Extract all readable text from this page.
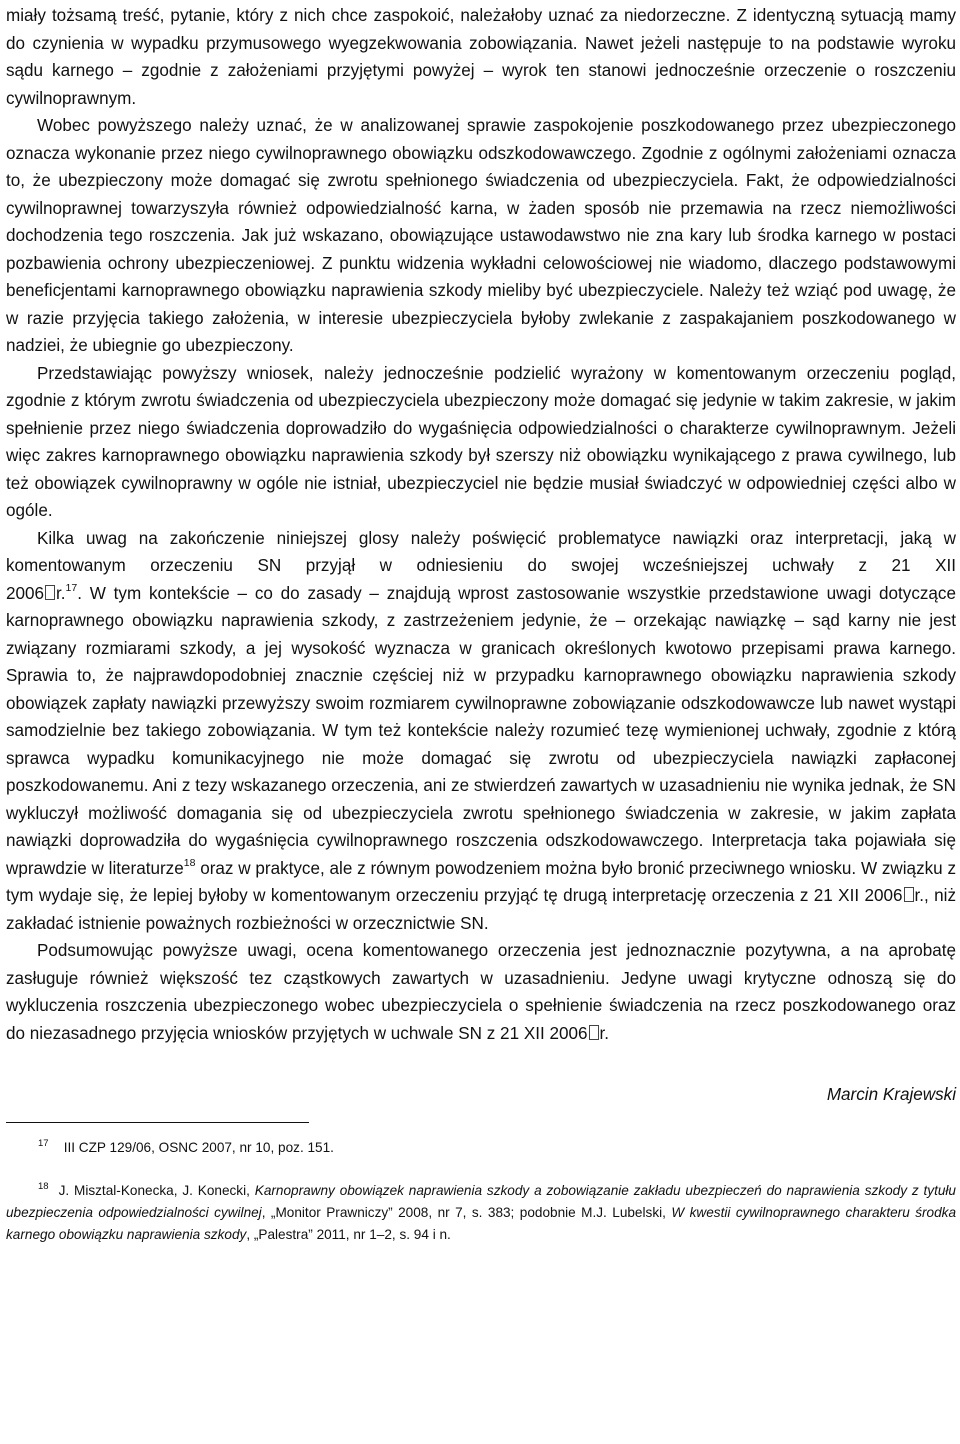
miały tożsamą treść, pytanie, który z nich chce zaspokoić, należałoby uznać za niedorzeczne. Z identyczną sytuacją mamy do czynienia w wypadku przymusowego wyegzekwowania zobowiązania. Nawet jeżeli następuje to na podstawie wyroku sądu karnego – zgodnie z założeniami przyjętymi powyżej – wyrok ten stanowi jednocześnie orzeczenie o roszczeniu cywilnoprawnym.

Wobec powyższego należy uznać, że w analizowanej sprawie zaspokojenie poszkodowanego przez ubezpieczonego oznacza wykonanie przez niego cywilnoprawnego obowiązku odszkodowawczego. Zgodnie z ogólnymi założeniami oznacza to, że ubezpieczony może domagać się zwrotu spełnionego świadczenia od ubezpieczyciela. Fakt, że odpowiedzialności cywilnoprawnej towarzyszyła również odpowiedzialność karna, w żaden sposób nie przemawia na rzecz niemożliwości dochodzenia tego roszczenia. Jak już wskazano, obowiązujące ustawodawstwo nie zna kary lub środka karnego w postaci pozbawienia ochrony ubezpieczeniowej. Z punktu widzenia wykładni celowościowej nie wiadomo, dlaczego podstawowymi beneficjentami karnoprawnego obowiązku naprawienia szkody mieliby być ubezpieczyciele. Należy też wziąć pod uwagę, że w razie przyjęcia takiego założenia, w interesie ubezpieczyciela byłoby zwlekanie z zaspakajaniem poszkodowanego w nadziei, że ubiegnie go ubezpieczony.

Przedstawiając powyższy wniosek, należy jednocześnie podzielić wyrażony w komentowanym orzeczeniu pogląd, zgodnie z którym zwrotu świadczenia od ubezpieczyciela ubezpieczony może domagać się jedynie w takim zakresie, w jakim spełnienie przez niego świadczenia doprowadziło do wygaśnięcia odpowiedzialności o charakterze cywilnoprawnym. Jeżeli więc zakres karnoprawnego obowiązku naprawienia szkody był szerszy niż obowiązku wynikającego z prawa cywilnego, lub też obowiązek cywilnoprawny w ogóle nie istniał, ubezpieczyciel nie będzie musiał świadczyć w odpowiedniej części albo w ogóle.

Kilka uwag na zakończenie niniejszej glosy należy poświęcić problematyce nawiązki oraz interpretacji, jaką w komentowanym orzeczeniu SN przyjął w odniesieniu do swojej wcześniejszej uchwały z 21 XII

2006 r.$^{17}$. W tym kontekście – co do zasady – znajdują wprost zastosowanie wszystkie przedstawione uwagi dotyczące karnoprawnego obowiązku naprawienia szkody, z zastrzeżeniem jedynie, że – orzekając nawiązkę – sąd karny nie jest związany rozmiarami szkody, a jej wysokość wyznacza w granicach określonych kwotowo przepisami prawa karnego. Sprawia to, że najprawdopodobniej znacznie częściej niż w przypadku karnoprawnego obowiązku naprawienia szkody obowiązek zapłaty nawiązki przewyższy swoim rozmiarem cywilnoprawne zobowiązanie odszkodowawcze lub nawet wystąpi samodzielnie bez takiego zobowiązania. W tym też kontekście należy rozumieć tezę wymienionej uchwały, zgodnie z którą sprawca wypadku komunikacyjnego nie może domagać się zwrotu od ubezpieczyciela nawiązki zapłaconej poszkodowanemu. Ani z tezy wskazanego orzeczenia, ani ze stwierdzeń zawartych w uzasadnieniu nie wynika jednak, że SN wykluczył możliwość domagania się od ubezpieczyciela zwrotu spełnionego świadczenia w zakresie, w jakim zapłata nawiązki doprowadziła do wygaśnięcia cywilnoprawnego roszczenia odszkodowawczego. Interpretacja taka pojawiała się wprawdzie w literaturze$^{18}$ oraz w praktyce, ale z równym powodzeniem można było bronić przeciwnego wniosku. W związku z tym wydaje się, że lepiej byłoby w komentowanym orzeczeniu przyjąć tę drugą interpretację orzeczenia z 21 XII 2006 r., niż zakładać istnienie poważnych rozbieżności w orzecznictwie SN.

Podsumowując powyższe uwagi, ocena komentowanego orzeczenia jest jednoznacznie pozytywna, a na aprobatę zasługuje również większość tez cząstkowych zawartych w uzasadnieniu. Jedyne uwagi krytyczne odnoszą się do wykluczenia roszczenia ubezpieczonego wobec ubezpieczyciela o spełnienie świadczenia na rzecz poszkodowanego oraz do niezasadnego przyjęcia wniosków przyjętych w uchwale SN z 21 XII 2006 r.

Marcin Krajewski

$^{17}$ III CZP 129/06, OSNC 2007, nr 10, poz. 151.

$^{18}$ J. Misztal-Konecka, J. Konecki, Karnoprawny obowiązek naprawienia szkody a zobowiązanie zakładu ubezpieczeń do naprawienia szkody z tytułu ubezpieczenia odpowiedzialności cywilnej, „Monitor Prawniczy” 2008, nr 7, s. 383; podobnie M.J. Lubelski, W kwestii cywilnoprawnego charakteru środka karnego obowiązku naprawienia szkody, „Palestra” 2011, nr 1–2, s. 94 i n.
